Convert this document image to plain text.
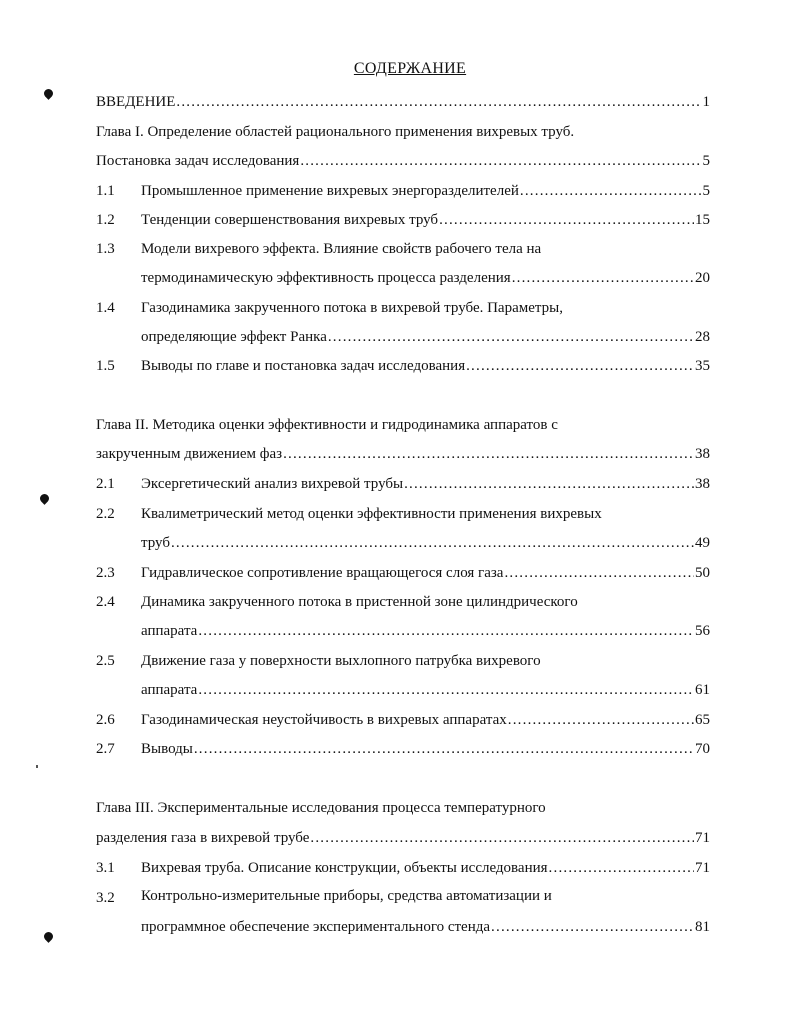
СОДЕРЖАНИЕ
ВВЕДЕНИЕ .....	1
Глава I. Определение областей рационального применения вихревых труб.
Постановка задач исследования .....	5
1.1	Промышленное применение вихревых энергоразделителей .....	5
1.2	Тенденции совершенствования вихревых труб .....	15
1.3	Модели вихревого эффекта. Влияние свойств рабочего тела на
термодинамическую эффективность процесса разделения .....	20
1.4	Газодинамика закрученного потока в вихревой трубе. Параметры,
определяющие эффект Ранка .....	28
1.5	Выводы по главе и постановка задач исследования .....	35
Глава II. Методика оценки эффективности и гидродинамика аппаратов с
закрученным движением фаз .....	38
2.1	Эксергетический анализ вихревой трубы .....	38
2.2	Квалиметрический метод оценки эффективности применения вихревых
труб .....	49
2.3	Гидравлическое сопротивление вращающегося слоя газа .....	50
2.4	Динамика закрученного потока в пристенной зоне цилиндрического
аппарата .....	56
2.5	Движение газа у поверхности выхлопного патрубка вихревого
аппарата .....	61
2.6	Газодинамическая неустойчивость в вихревых аппаратах .....	65
2.7	Выводы .....	70
Глава III. Экспериментальные исследования процесса температурного
разделения газа в вихревой трубе .....	71
3.1	Вихревая труба. Описание конструкции, объекты исследования .....	71
3.2	Контрольно-измерительные приборы, средства автоматизации и
программное обеспечение экспериментального стенда .....	81
